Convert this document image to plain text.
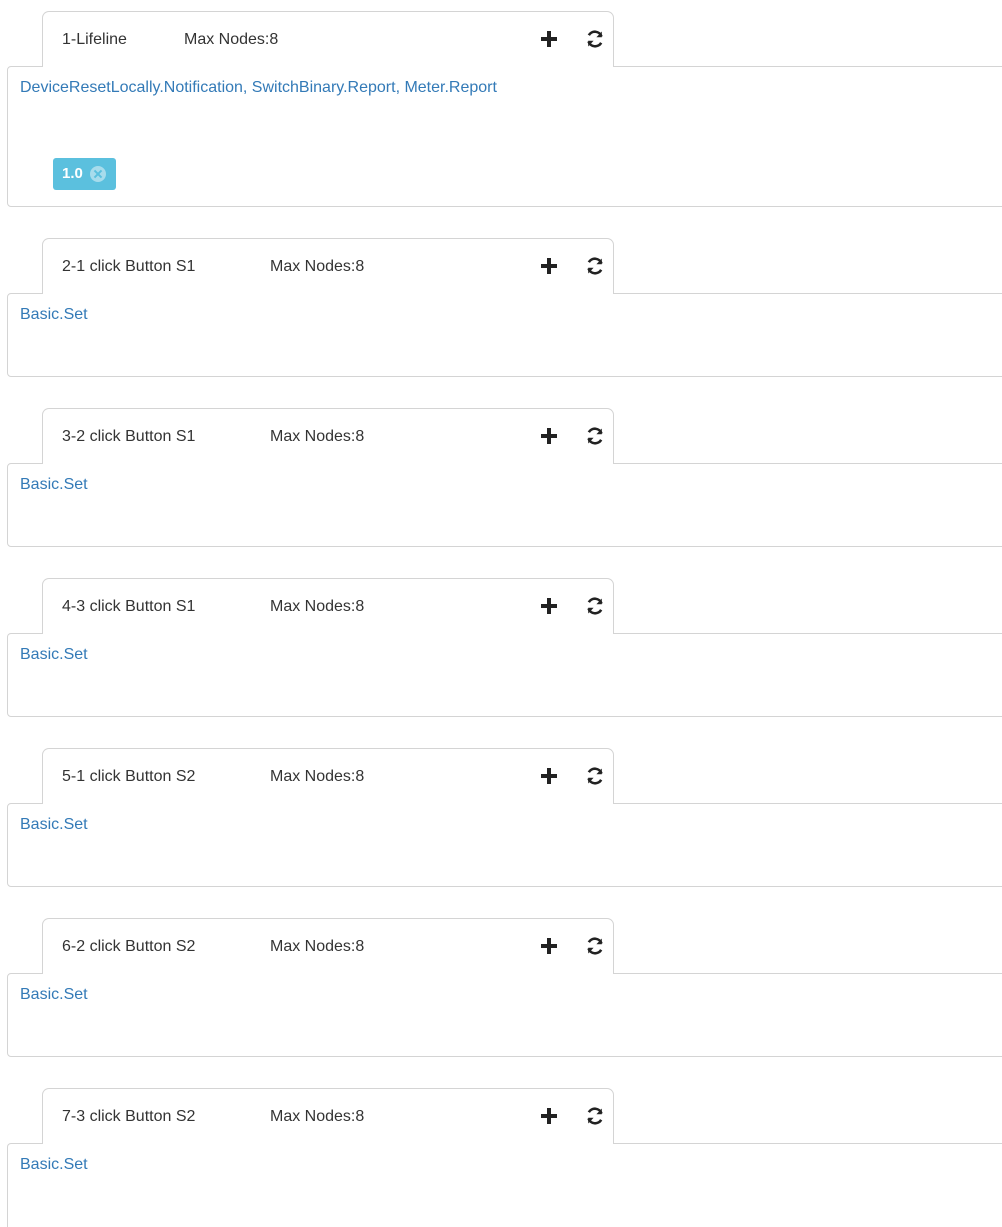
1-Lifeline	Max Nodes:8
DeviceResetLocally.Notification, SwitchBinary.Report, Meter.Report
1.0
2-1 click Button S1	Max Nodes:8
Basic.Set
3-2 click Button S1	Max Nodes:8
Basic.Set
4-3 click Button S1	Max Nodes:8
Basic.Set
5-1 click Button S2	Max Nodes:8
Basic.Set
6-2 click Button S2	Max Nodes:8
Basic.Set
7-3 click Button S2	Max Nodes:8
Basic.Set
